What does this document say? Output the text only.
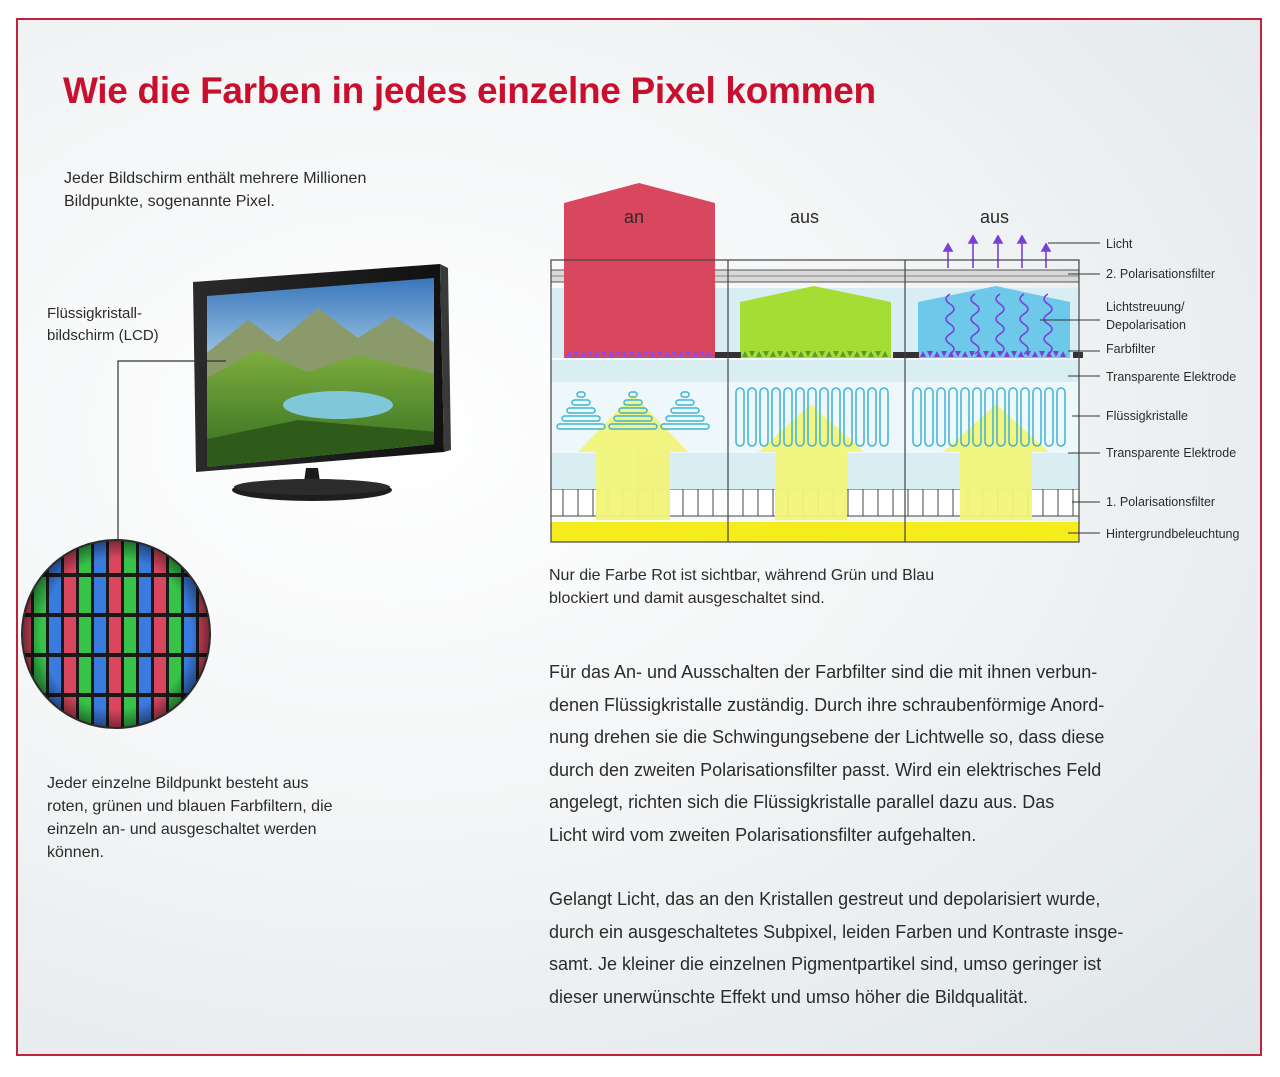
Wie die Farben in jedes einzelne Pixel kommen
Jeder Bildschirm enthält mehrere Millionen
Bildpunkte, sogenannte Pixel.
Flüssigkristall-
bildschirm (LCD)
Jeder einzelne Bildpunkt besteht aus
roten, grünen und blauen Farbfiltern, die
einzeln an- und ausgeschaltet werden
können.
an	aus	aus
Licht
2. Polarisationsfilter
Lichtstreuung/
Depolarisation
Farbfilter
Transparente Elektrode
Flüssigkristalle
Transparente Elektrode
1. Polarisationsfilter
Hintergrundbeleuchtung
Nur die Farbe Rot ist sichtbar, während Grün und Blau
blockiert und damit ausgeschaltet sind.

Für das An- und Ausschalten der Farbfilter sind die mit ihnen verbun-
denen Flüssigkristalle zuständig. Durch ihre schraubenförmige Anord-
nung drehen sie die Schwingungsebene der Lichtwelle so, dass diese
durch den zweiten Polarisationsfilter passt. Wird ein elektrisches Feld
angelegt, richten sich die Flüssigkristalle parallel dazu aus. Das
Licht wird vom zweiten Polarisationsfilter aufgehalten.

Gelangt Licht, das an den Kristallen gestreut und depolarisiert wurde,
durch ein ausgeschaltetes Subpixel, leiden Farben und Kontraste insge-
samt. Je kleiner die einzelnen Pigmentpartikel sind, umso geringer ist
dieser unerwünschte Effekt und umso höher die Bildqualität.
